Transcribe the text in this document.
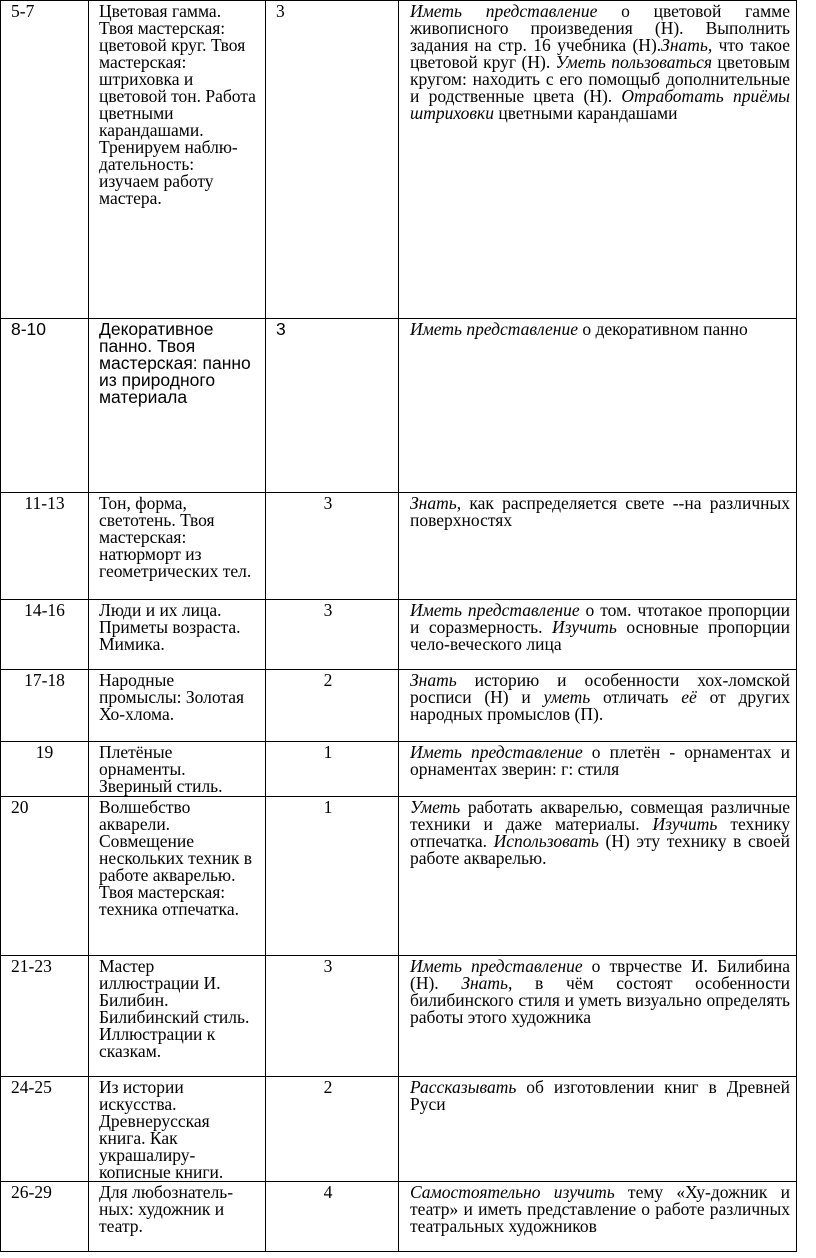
5-7	Цветовая гамма. Твоя мастерская: цветовой круг. Твоя мастерская: штриховка и цветовой тон. Работа цветными карандашами. Тренируем наблю-дательность: изучаем работу мастера.	3	Иметь представление о цветовой гамме живописного произведения (Н). Выполнить задания на стр. 16 учебника (Н).Знать, что такое цветовой круг (Н). Уметь пользоваться цветовым кругом: находить с его помощыб дополнительные и родственные цвета (Н). Отработать приёмы штриховки цветными карандашами

8-10	Декоративное панно. Твоя мастерская: панно из природного материала	3	Иметь представление о декоративном панно

11-13	Тон, форма, светотень. Твоя мастерская: натюрморт из геометрических тел.	3	Знать, как распределяется свете --на различных поверхностях

14-16	Люди и их лица. Приметы возраста. Мимика.	3	Иметь представление о том. чтотакое пропорции и соразмерность. Изучить основные пропорции чело-веческого лица

17-18	Народные промыслы: Золотая Хо-хлома.	2	Знать историю и особенности хох-ломской росписи (Н) и уметь отличать её от других народных промыслов (П).

19	Плетёные орнаменты. Звериный стиль.	1	Иметь представление о плетён - орнаментах и орнаментах зверин: г: стиля

20	Волшебство акварели. Совмещение нескольких техник в работе акварелью. Твоя мастерская: техника отпечатка.	1	Уметь работать акварелью, совмещая различные техники и даже материалы. Изучить технику отпечатка. Использовать (Н) эту технику в своей работе акварелью.

21-23	Мастер иллюстрации И. Билибин. Билибинский стиль. Иллюстрации к сказкам.	3	Иметь представление о тврчестве И. Билибина (Н). Знать, в чём состоят особенности билибинского стиля и уметь визуально определять работы этого художника

24-25	Из истории искусства. Древнерусская книга. Как украшалиру-кописные книги.	2	Рассказывать об изготовлении книг в Древней Руси

26-29	Для любознатель-ных: художник и театр.	4	Самостоятельно изучить тему «Ху-дожник и театр» и иметь представление о работе различных театральных художников
